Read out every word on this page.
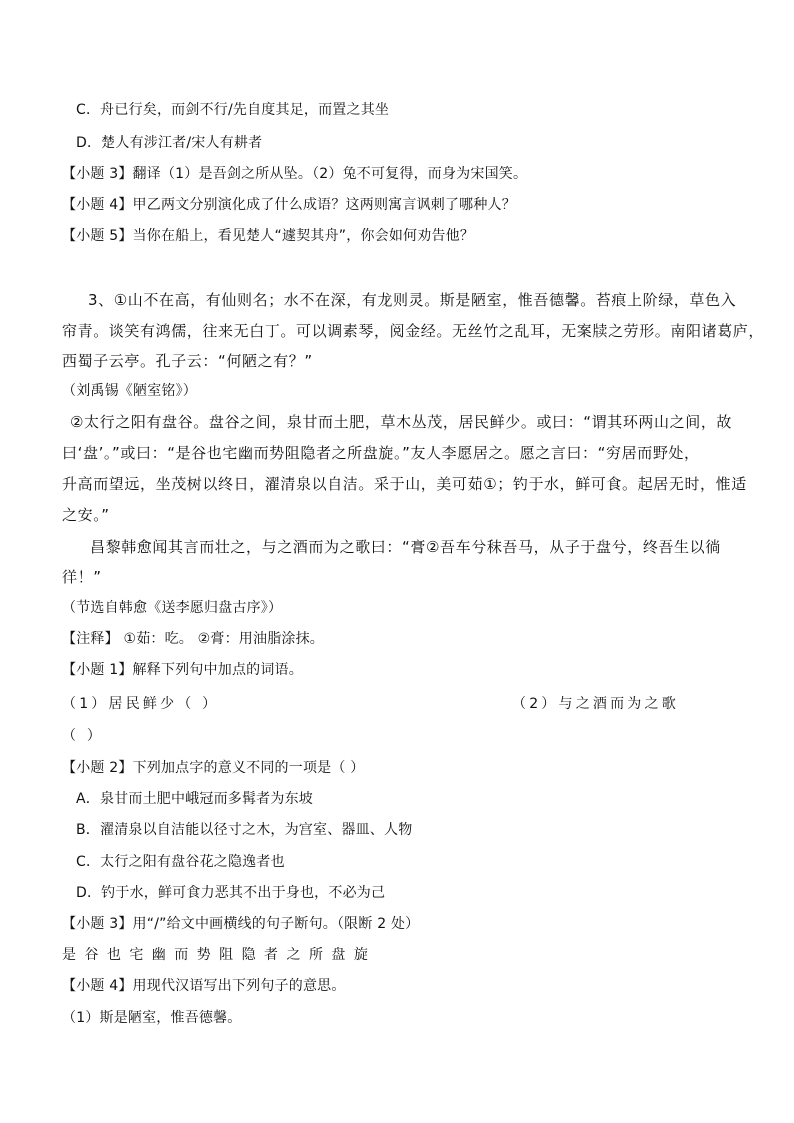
C．舟已行矣，而剑不行/先自度其足，而置之其坐
D．楚人有涉江者/宋人有耕者
【小题 3】翻译（1）是吾剑之所从坠。（2）兔不可复得，而身为宋国笑。
【小题 4】甲乙两文分别演化成了什么成语？这两则寓言讽刺了哪种人？
【小题 5】当你在船上，看见楚人“遽契其舟”，你会如何劝告他？
3、①山不在高，有仙则名；水不在深，有龙则灵。斯是陋室，惟吾德馨。苔痕上阶绿，草色入
帘青。谈笑有鸿儒，往来无白丁。可以调素琴，阅金经。无丝竹之乱耳，无案牍之劳形。南阳诸葛庐，
西蜀子云亭。孔子云：“何陋之有？”
（刘禹锡《陋室铭》）
②太行之阳有盘谷。盘谷之间，泉甘而土肥，草木丛茂，居民鲜少。或曰：“谓其环两山之间，故
曰‘盘’。”或曰：“是谷也宅幽而势阻隐者之所盘旋。”友人李愿居之。愿之言曰：“穷居而野处，
升高而望远，坐茂树以终日，濯清泉以自洁。采于山，美可茹①；钓于水，鲜可食。起居无时，惟适
之安。”
昌黎韩愈闻其言而壮之，与之酒而为之歌曰：“膏②吾车兮秣吾马，从子于盘兮，终吾生以徜
徉！”
（节选自韩愈《送李愿归盘古序》）
【注释】 ①茹：吃。 ②膏：用油脂涂抹。
【小题 1】解释下列句中加点的词语。
（1）居民鲜少（ ）	（2）与之酒而为之歌
（ ）
【小题 2】下列加点字的意义不同的一项是（ ）
A．泉甘而土肥中峨冠而多髯者为东坡
B．濯清泉以自洁能以径寸之木，为宫室、器皿、人物
C．太行之阳有盘谷花之隐逸者也
D．钓于水，鲜可食力恶其不出于身也，不必为己
【小题 3】用“/”给文中画横线的句子断句。（限断 2 处）
是 谷 也 宅 幽 而 势 阻 隐 者 之 所 盘 旋
【小题 4】用现代汉语写出下列句子的意思。
（1）斯是陋室，惟吾德馨。
